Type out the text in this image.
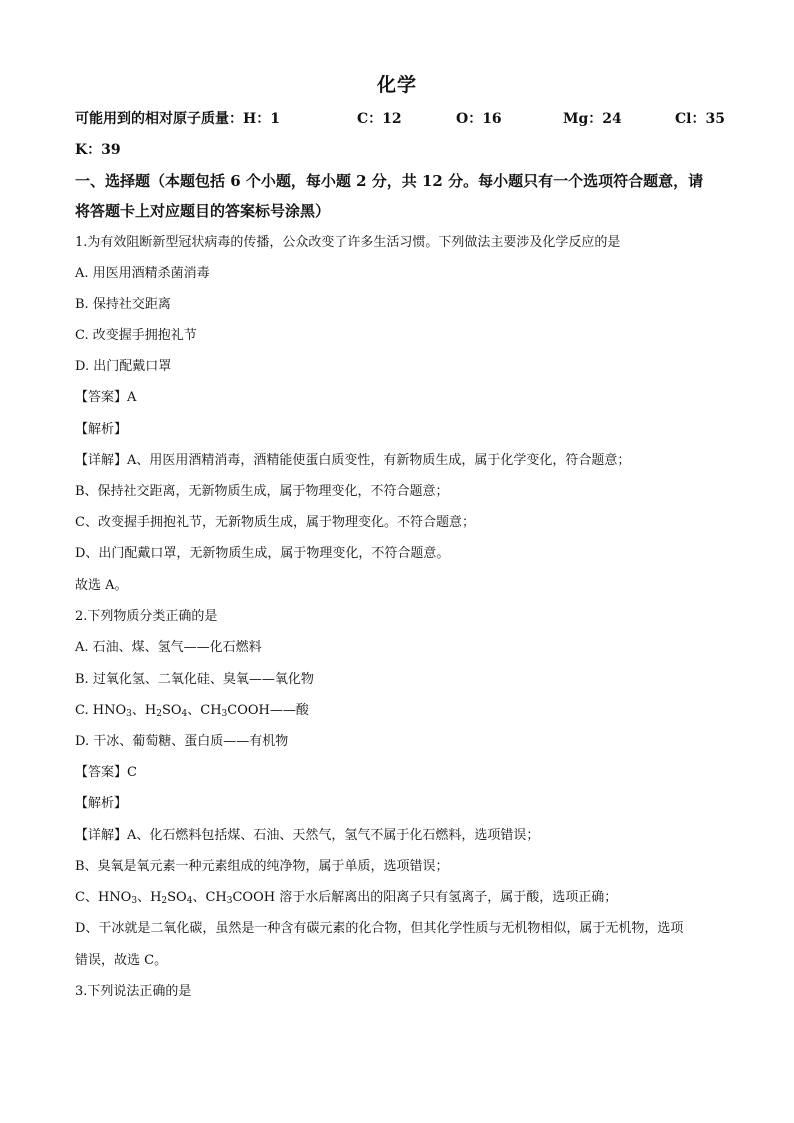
化学
可能用到的相对原子质量：H：1	C：12	O：16	Mg：24	Cl：35
K：39
一、选择题（本题包括 6 个小题，每小题 2 分，共 12 分。每小题只有一个选项符合题意，请
将答题卡上对应题目的答案标号涂黑）
1.为有效阻断新型冠状病毒的传播，公众改变了许多生活习惯。下列做法主要涉及化学反应的是
A. 用医用酒精杀菌消毒
B. 保持社交距离
C. 改变握手拥抱礼节
D. 出门配戴口罩
【答案】A
【解析】
【详解】A、用医用酒精消毒，酒精能使蛋白质变性，有新物质生成，属于化学变化，符合题意；
B、保持社交距离，无新物质生成，属于物理变化，不符合题意；
C、改变握手拥抱礼节，无新物质生成，属于物理变化。不符合题意；
D、出门配戴口罩，无新物质生成，属于物理变化，不符合题意。
故选 A。
2.下列物质分类正确的是
A. 石油、煤、氢气——化石燃料
B. 过氧化氢、二氧化硅、臭氧——氧化物
C. $HNO_3$、$H_2SO_4$、$CH_3COOH——$酸
D. 干冰、葡萄糖、蛋白质——有机物
【答案】C
【解析】
【详解】A、化石燃料包括煤、石油、天然气，氢气不属于化石燃料，选项错误；
B、臭氧是氧元素一种元素组成的纯净物，属于单质，选项错误；
C、$HNO_3$、$H_2SO_4$、$CH_3COOH$ 溶于水后解离出的阳离子只有氢离子，属于酸，选项正确；
D、干冰就是二氧化碳，虽然是一种含有碳元素的化合物，但其化学性质与无机物相似，属于无机物，选项
错误，故选 C。
3.下列说法正确的是
